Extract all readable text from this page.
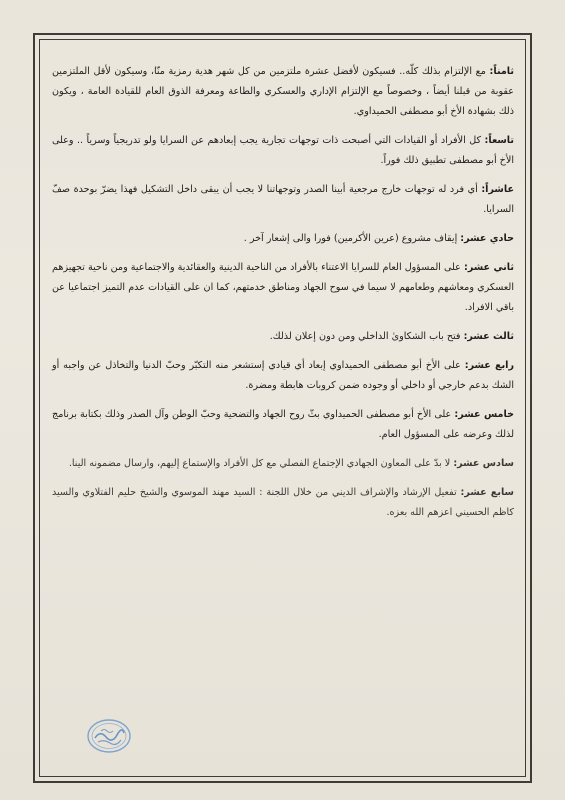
ثامناً: مع الإلتزام بذلك كلّه.. فسيكون لأفضل عشرة ملتزمين من كل شهر هدية رمزية منّا، وسيكون لأقل الملتزمين عقوبة من قبلنا أيضاً ، وخصوصاً مع الإلتزام الإداري والعسكري والطاعة ومعرفة الذوق العام للقيادة العامة ، ويكون ذلك بشهادة الأخ أبو مصطفى الحميداوي.

تاسعاً: كل الأفراد أو القيادات التي أصبحت ذات توجهات تجارية يجب إبعادهم عن السرايا ولو تدريجياً وسرياً .. وعلى الأخ أبو مصطفى تطبيق ذلك فوراً.

عاشراً: أي فرد له توجهات خارج مرجعية أبينا الصدر وتوجهاتنا لا يجب أن يبقى داخل التشكيل فهذا يضرّ بوحدة صفّ السرايا.

حادي عشر: إيقاف مشروع (عرين الأكرمين) فورا والى إشعار آخر .

ثاني عشر: على المسؤول العام للسرايا الاعتناء بالأفراد من الناحية الدينية والعقائدية والاجتماعية ومن ناحية تجهيزهم العسكري ومعاشهم وطعامهم لا سيما في سوح الجهاد ومناطق خدمتهم، كما ان على القيادات عدم التميز اجتماعيا عن باقي الافراد.

ثالث عشر: فتح باب الشكاوىٰ الداخلي ومن دون إعلان لذلك.

رابع عشر: على الأخ أبو مصطفى الحميداوي إبعاد أي قيادي إستشعر منه التكبّر وحبّ الدنيا والتخاذل عن واجبه أو الشك بدعم خارجي أو داخلي أو وجوده ضمن كروبات هابطة ومضرة.

خامس عشر: على الأخ أبو مصطفى الحميداوي بثّ روح الجهاد والتضحية وحبّ الوطن وآل الصدر وذلك بكتابة برنامج لذلك وعرضه على المسؤول العام.

سادس عشر: لا بدّ على المعاون الجهادي الإجتماع الفصلي مع كل الأفراد والإستماع إليهم، وارسال مضمونه الينا.

سابع عشر: تفعيل الإرشاد والإشراف الديني من خلال اللجنة : السيد مهند الموسوي والشيخ حليم الفتلاوي والسيد كاظم الحسيني اعزهم الله بعزه.
